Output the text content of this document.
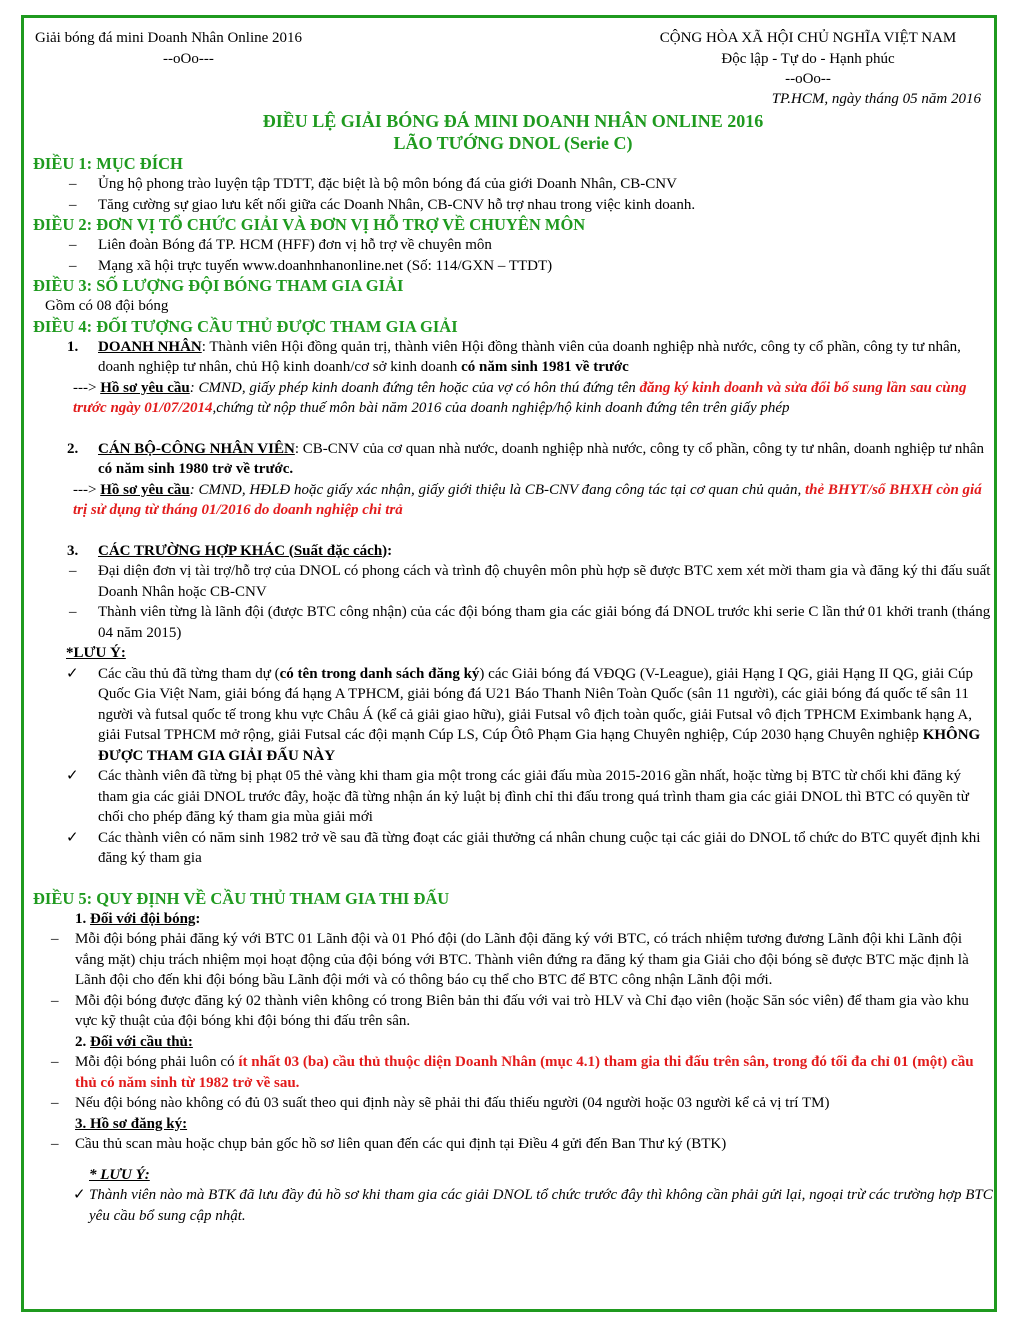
Giải bóng đá mini Doanh Nhân Online 2016
--oOo---
CỘNG HÒA XÃ HỘI CHỦ NGHĨA VIỆT NAM
Độc lập - Tự do - Hạnh phúc
--oOo--
TP.HCM, ngày tháng 05 năm 2016
ĐIỀU LỆ GIẢI BÓNG ĐÁ MINI DOANH NHÂN ONLINE 2016
LÃO TƯỚNG DNOL (Serie C)
ĐIỀU 1: MỤC ĐÍCH
– Ủng hộ phong trào luyện tập TDTT, đặc biệt là bộ môn bóng đá của giới Doanh Nhân, CB-CNV
– Tăng cường sự giao lưu kết nối giữa các Doanh Nhân, CB-CNV hỗ trợ nhau trong việc kinh doanh.
ĐIỀU 2: ĐƠN VỊ TỔ CHỨC GIẢI VÀ ĐƠN VỊ HỖ TRỢ VỀ CHUYÊN MÔN
– Liên đoàn Bóng đá TP. HCM (HFF) đơn vị hỗ trợ về chuyên môn
– Mạng xã hội trực tuyến www.doanhnhanonline.net (Số: 114/GXN – TTDT)
ĐIỀU 3: SỐ LƯỢNG ĐỘI BÓNG THAM GIA GIẢI
Gồm có 08 đội bóng
ĐIỀU 4: ĐỐI TƯỢNG CẦU THỦ ĐƯỢC THAM GIA GIẢI
1. DOANH NHÂN: Thành viên Hội đồng quản trị, thành viên Hội đồng thành viên của doanh nghiệp nhà nước, công ty cổ phần, công ty tư nhân, doanh nghiệp tư nhân, chủ Hộ kinh doanh/cơ sở kinh doanh có năm sinh 1981 về trước
---> Hồ sơ yêu cầu: CMND, giấy phép kinh doanh đứng tên hoặc của vợ có hôn thú đứng tên đăng ký kinh doanh và sửa đổi bổ sung lần sau cùng trước ngày 01/07/2014,chứng từ nộp thuế môn bài năm 2016 của doanh nghiệp/hộ kinh doanh đứng tên trên giấy phép
2. CÁN BỘ-CÔNG NHÂN VIÊN: CB-CNV của cơ quan nhà nước, doanh nghiệp nhà nước, công ty cổ phần, công ty tư nhân, doanh nghiệp tư nhân có năm sinh 1980 trở về trước.
---> Hồ sơ yêu cầu: CMND, HĐLĐ hoặc giấy xác nhận, giấy giới thiệu là CB-CNV đang công tác tại cơ quan chủ quản, thẻ BHYT/sổ BHXH còn giá trị sử dụng từ tháng 01/2016 do doanh nghiệp chi trả
3. CÁC TRƯỜNG HỢP KHÁC (Suất đặc cách):
– Đại diện đơn vị tài trợ/hỗ trợ của DNOL có phong cách và trình độ chuyên môn phù hợp sẽ được BTC xem xét mời tham gia và đăng ký thi đấu suất Doanh Nhân hoặc CB-CNV
– Thành viên từng là lãnh đội (được BTC công nhận) của các đội bóng tham gia các giải bóng đá DNOL trước khi serie C lần thứ 01 khởi tranh (tháng 04 năm 2015)
*LƯU Ý:
✓ Các cầu thủ đã từng tham dự (có tên trong danh sách đăng ký) các Giải bóng đá VĐQG (V-League), giải Hạng I QG, giải Hạng II QG, giải Cúp Quốc Gia Việt Nam, giải bóng đá hạng A TPHCM, giải bóng đá U21 Báo Thanh Niên Toàn Quốc (sân 11 người), các giải bóng đá quốc tế sân 11 người và futsal quốc tế trong khu vực Châu Á (kể cả giải giao hữu), giải Futsal vô địch toàn quốc, giải Futsal vô địch TPHCM Eximbank hạng A, giải Futsal TPHCM mở rộng, giải Futsal các đội mạnh Cúp LS, Cúp Ôtô Phạm Gia hạng Chuyên nghiệp, Cúp 2030 hạng Chuyên nghiệp KHÔNG ĐƯỢC THAM GIA GIẢI ĐẤU NÀY
✓ Các thành viên đã từng bị phạt 05 thẻ vàng khi tham gia một trong các giải đấu mùa 2015-2016 gần nhất, hoặc từng bị BTC từ chối khi đăng ký tham gia các giải DNOL trước đây, hoặc đã từng nhận án kỷ luật bị đình chỉ thi đấu trong quá trình tham gia các giải DNOL thì BTC có quyền từ chối cho phép đăng ký tham gia mùa giải mới
✓ Các thành viên có năm sinh 1982 trở về sau đã từng đoạt các giải thưởng cá nhân chung cuộc tại các giải do DNOL tổ chức do BTC quyết định khi đăng ký tham gia
ĐIỀU 5: QUY ĐỊNH VỀ CẦU THỦ THAM GIA THI ĐẤU
1. Đối với đội bóng:
– Mỗi đội bóng phải đăng ký với BTC 01 Lãnh đội và 01 Phó đội (do Lãnh đội đăng ký với BTC, có trách nhiệm tương đương Lãnh đội khi Lãnh đội vắng mặt) chịu trách nhiệm mọi hoạt động của đội bóng với BTC. Thành viên đứng ra đăng ký tham gia Giải cho đội bóng sẽ được BTC mặc định là Lãnh đội cho đến khi đội bóng bầu Lãnh đội mới và có thông báo cụ thể cho BTC để BTC công nhận Lãnh đội mới.
– Mỗi đội bóng được đăng ký 02 thành viên không có trong Biên bản thi đấu với vai trò HLV và Chỉ đạo viên (hoặc Săn sóc viên) để tham gia vào khu vực kỹ thuật của đội bóng khi đội bóng thi đấu trên sân.
2. Đối với cầu thủ:
– Mỗi đội bóng phải luôn có ít nhất 03 (ba) cầu thủ thuộc diện Doanh Nhân (mục 4.1) tham gia thi đấu trên sân, trong đó tối đa chỉ 01 (một) cầu thủ có năm sinh từ 1982 trở về sau.
– Nếu đội bóng nào không có đủ 03 suất theo qui định này sẽ phải thi đấu thiếu người (04 người hoặc 03 người kể cả vị trí TM)
3. Hồ sơ đăng ký:
– Cầu thủ scan màu hoặc chụp bản gốc hồ sơ liên quan đến các qui định tại Điều 4 gửi đến Ban Thư ký (BTK)
* LƯU Ý:
✓ Thành viên nào mà BTK đã lưu đầy đủ hồ sơ khi tham gia các giải DNOL tổ chức trước đây thì không cần phải gửi lại, ngoại trừ các trường hợp BTC yêu cầu bổ sung cập nhật.
